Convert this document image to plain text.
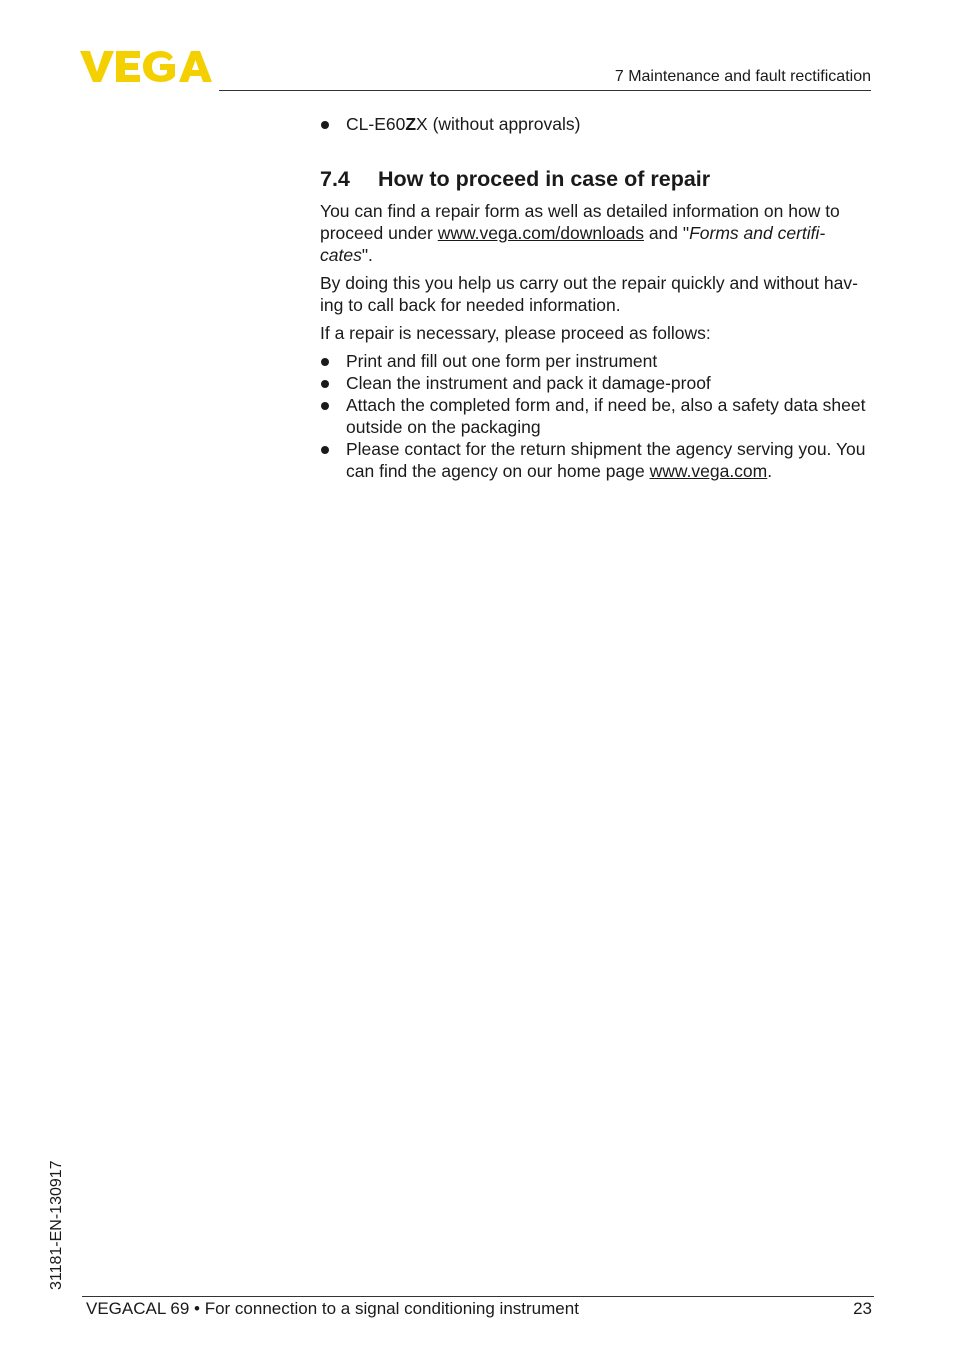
7 Maintenance and fault rectification
CL-E60ZX (without approvals)
7.4 How to proceed in case of repair

You can find a repair form as well as detailed information on how to proceed under www.vega.com/downloads and "Forms and certifi-cates".

By doing this you help us carry out the repair quickly and without hav-ing to call back for needed information.

If a repair is necessary, please proceed as follows:

Print and fill out one form per instrument
Clean the instrument and pack it damage-proof
Attach the completed form and, if need be, also a safety data sheet outside on the packaging
Please contact for the return shipment the agency serving you. You can find the agency on our home page www.vega.com.
31181-EN-130917
VEGACAL 69 • For connection to a signal conditioning instrument	23
